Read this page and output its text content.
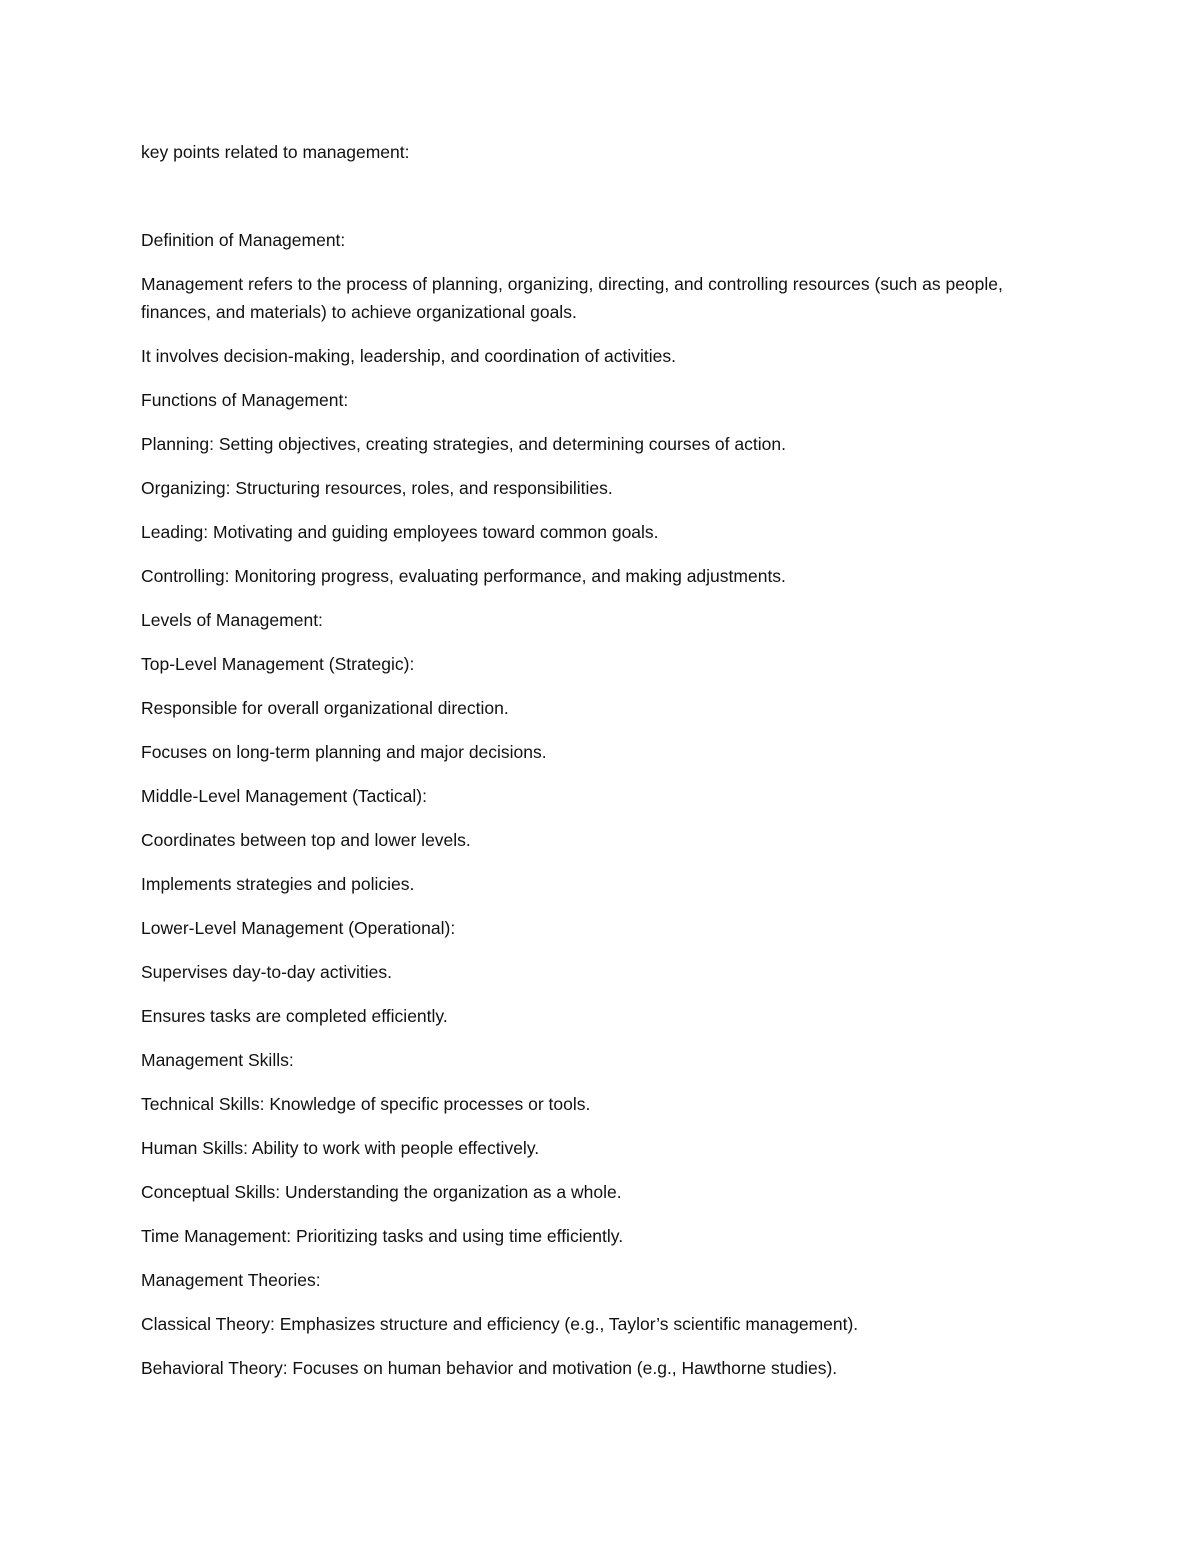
key points related to management:

Definition of Management:

Management refers to the process of planning, organizing, directing, and controlling resources (such as people, finances, and materials) to achieve organizational goals.

It involves decision-making, leadership, and coordination of activities.

Functions of Management:

Planning: Setting objectives, creating strategies, and determining courses of action.

Organizing: Structuring resources, roles, and responsibilities.

Leading: Motivating and guiding employees toward common goals.

Controlling: Monitoring progress, evaluating performance, and making adjustments.

Levels of Management:

Top-Level Management (Strategic):

Responsible for overall organizational direction.

Focuses on long-term planning and major decisions.

Middle-Level Management (Tactical):

Coordinates between top and lower levels.

Implements strategies and policies.

Lower-Level Management (Operational):

Supervises day-to-day activities.

Ensures tasks are completed efficiently.

Management Skills:

Technical Skills: Knowledge of specific processes or tools.

Human Skills: Ability to work with people effectively.

Conceptual Skills: Understanding the organization as a whole.

Time Management: Prioritizing tasks and using time efficiently.

Management Theories:

Classical Theory: Emphasizes structure and efficiency (e.g., Taylor’s scientific management).

Behavioral Theory: Focuses on human behavior and motivation (e.g., Hawthorne studies).
